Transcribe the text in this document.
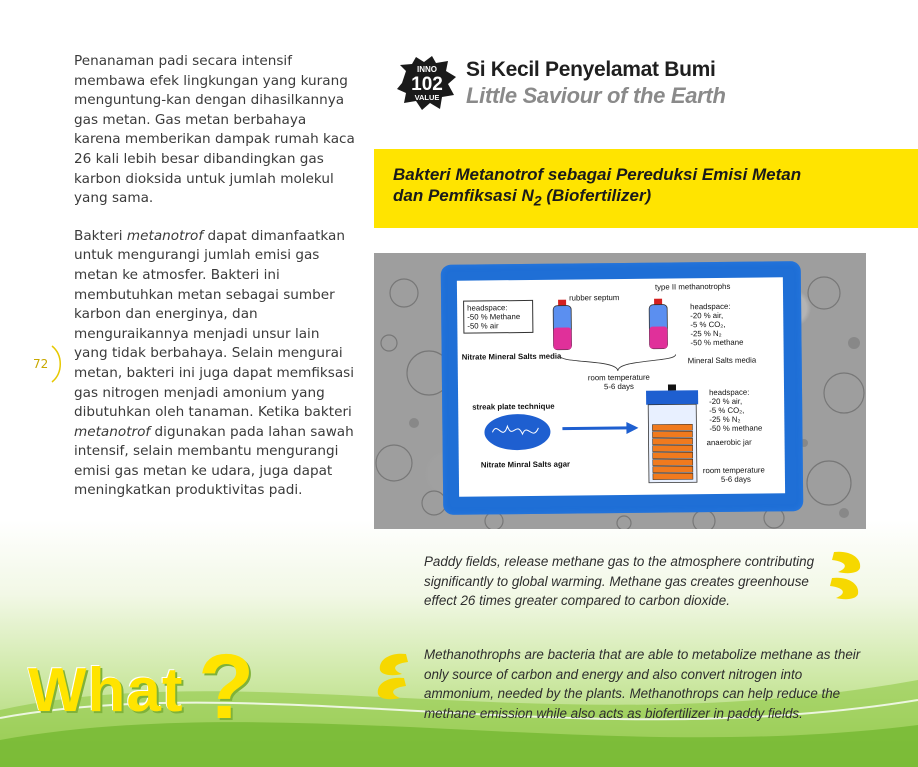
Penanaman padi secara intensif membawa efek lingkungan yang kurang menguntung-kan dengan dihasilkannya gas metan. Gas metan berbahaya karena memberikan dampak rumah kaca 26 kali lebih besar dibandingkan gas karbon dioksida untuk jumlah molekul yang sama.

Bakteri metanotrof dapat dimanfaatkan untuk mengurangi jumlah emisi gas metan ke atmosfer. Bakteri ini membutuhkan metan sebagai sumber karbon dan energinya, dan menguraikannya menjadi unsur lain yang tidak berbahaya. Selain mengurai metan, bakteri ini juga dapat memfiksasi gas nitrogen menjadi amonium yang dibutuhkan oleh tanaman. Ketika bakteri metanotrof digunakan pada lahan sawah intensif, selain membantu mengurangi emisi gas metan ke udara, juga dapat meningkatkan produktivitas padi.

72
INNO
102
VALUE
Si Kecil Penyelamat Bumi
Little Saviour of the Earth
Bakteri Metanotrof sebagai Pereduksi Emisi Metan
dan Pemfiksasi $N_2$ (Biofertilizer)
rubber septum
type II methanotrophs
headspace:
-50 % Methane
-50 % air
headspace:
-20 % air,
-5 % CO₂,
-25 % N₂
-50 % methane
Nitrate Mineral Salts media	Mineral Salts media
room temperature
5-6 days
streak plate technique
headspace:
-20 % air,
-5 % CO₂,
-25 % N₂
-50 % methane
anaerobic jar
Nitrate Minral Salts agar
room temperature
5-6 days
Paddy fields, release methane gas to the atmosphere contributing significantly to global warming. Methane gas creates greenhouse effect 26 times greater compared to carbon dioxide.
Methanothrophs are bacteria that are able to metabolize methane as their only source of carbon and energy and also convert nitrogen into ammonium, needed by the plants. Methanothrops can help reduce the methane emission while also acts as biofertilizer in paddy fields.
What ?
